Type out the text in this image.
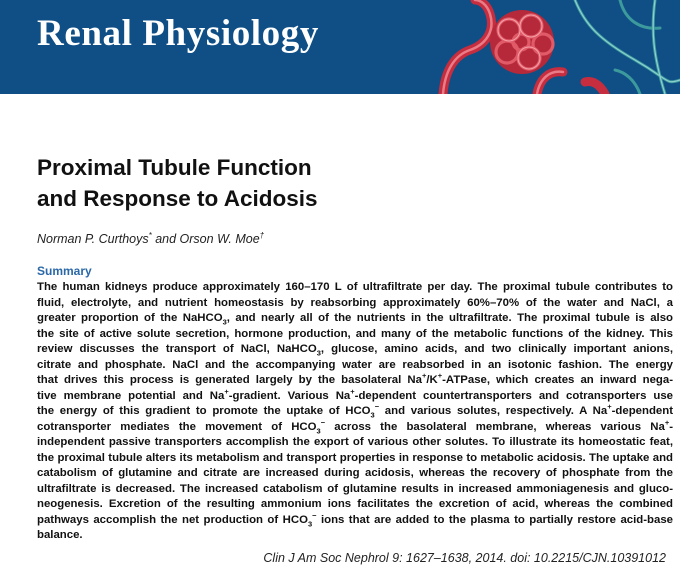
Renal Physiology
Proximal Tubule Function
and Response to Acidosis
Norman P. Curthoys* and Orson W. Moe†
Summary

The human kidneys produce approximately 160–170 L of ultrafiltrate per day. The proximal tubule contributes to
fluid, electrolyte, and nutrient homeostasis by reabsorbing approximately 60%–70% of the water and NaCl, a
greater proportion of the NaHCO$_3$, and nearly all of the nutrients in the ultrafiltrate. The proximal tubule is also
the site of active solute secretion, hormone production, and many of the metabolic functions of the kidney. This
review discusses the transport of NaCl, NaHCO$_3$, glucose, amino acids, and two clinically important anions,
citrate and phosphate. NaCl and the accompanying water are reabsorbed in an isotonic fashion. The energy
that drives this process is generated largely by the basolateral Na+/K+-ATPase, which creates an inward nega-
tive membrane potential and Na+-gradient. Various Na+-dependent countertransporters and cotransporters use
the energy of this gradient to promote the uptake of $HCO_3^-$ and various solutes, respectively. A Na+-dependent
cotransporter mediates the movement of $HCO_3^-$ across the basolateral membrane, whereas various Na+-
independent passive transporters accomplish the export of various other solutes. To illustrate its homeostatic feat,
the proximal tubule alters its metabolism and transport properties in response to metabolic acidosis. The uptake and
catabolism of glutamine and citrate are increased during acidosis, whereas the recovery of phosphate from the
ultrafiltrate is decreased. The increased catabolism of glutamine results in increased ammoniagenesis and gluco-
neogenesis. Excretion of the resulting ammonium ions facilitates the excretion of acid, whereas the combined
pathways accomplish the net production of $HCO_3^-$ ions that are added to the plasma to partially restore acid-base
balance.

Clin J Am Soc Nephrol 9: 1627–1638, 2014. doi: 10.2215/CJN.10391012
